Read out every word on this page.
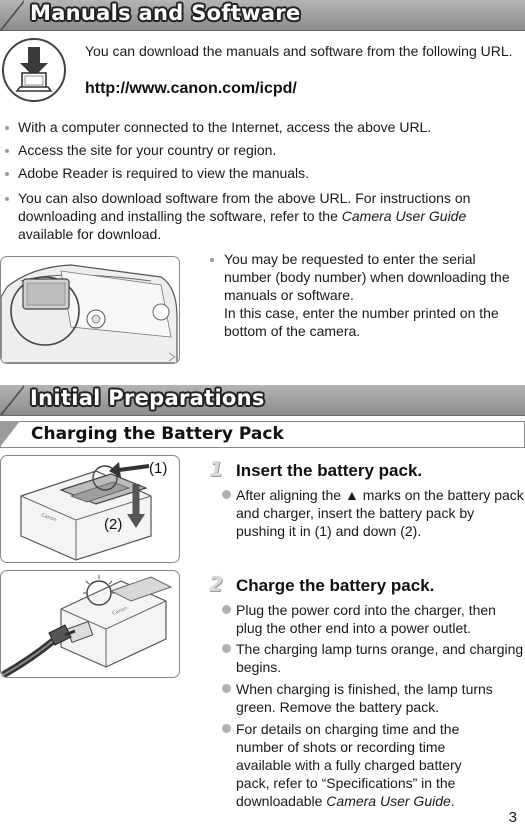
Manuals and Software
You can download the manuals and software from the following URL.
http://www.canon.com/icpd/
With a computer connected to the Internet, access the above URL.
Access the site for your country or region.
Adobe Reader is required to view the manuals.
You can also download software from the above URL. For instructions on downloading and installing the software, refer to the Camera User Guide available for download.
You may be requested to enter the serial number (body number) when downloading the manuals or software.
In this case, enter the number printed on the bottom of the camera.
Initial Preparations
Charging the Battery Pack
Canon
(1)
(2)
1 Insert the battery pack.
After aligning the ▲ marks on the battery pack and charger, insert the battery pack by pushing it in (1) and down (2).
Canon
2 Charge the battery pack.
Plug the power cord into the charger, then plug the other end into a power outlet.
The charging lamp turns orange, and charging begins.
When charging is finished, the lamp turns green. Remove the battery pack.
For details on charging time and the number of shots or recording time available with a fully charged battery pack, refer to “Specifications” in the downloadable Camera User Guide.
3
